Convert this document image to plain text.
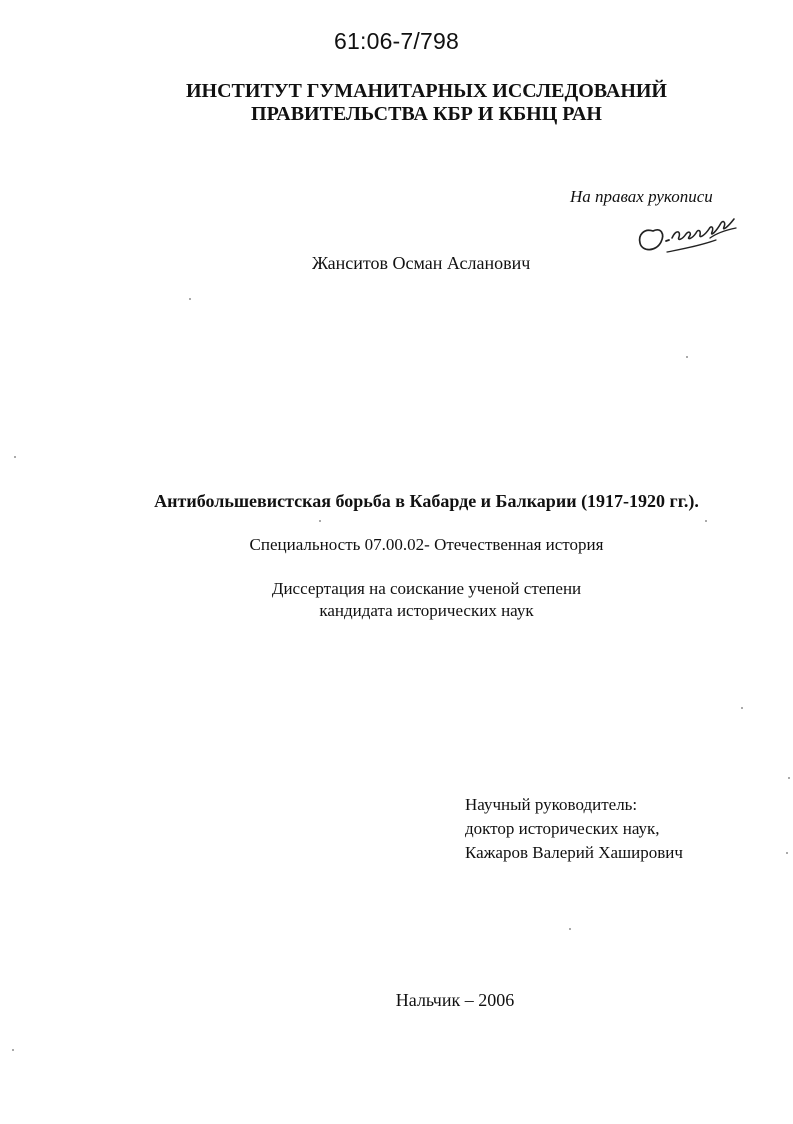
61:06-7/798
ИНСТИТУТ ГУМАНИТАРНЫХ ИССЛЕДОВАНИЙ
ПРАВИТЕЛЬСТВА КБР И КБНЦ РАН
На правах рукописи
Жанситов Осман Асланович
Антибольшевистская борьба в Кабарде и Балкарии (1917-1920 гг.).
Специальность 07.00.02- Отечественная история
Диссертация на соискание ученой степени
кандидата исторических наук
Научный руководитель:
доктор исторических наук,
Кажаров Валерий Хаширович
Нальчик – 2006
